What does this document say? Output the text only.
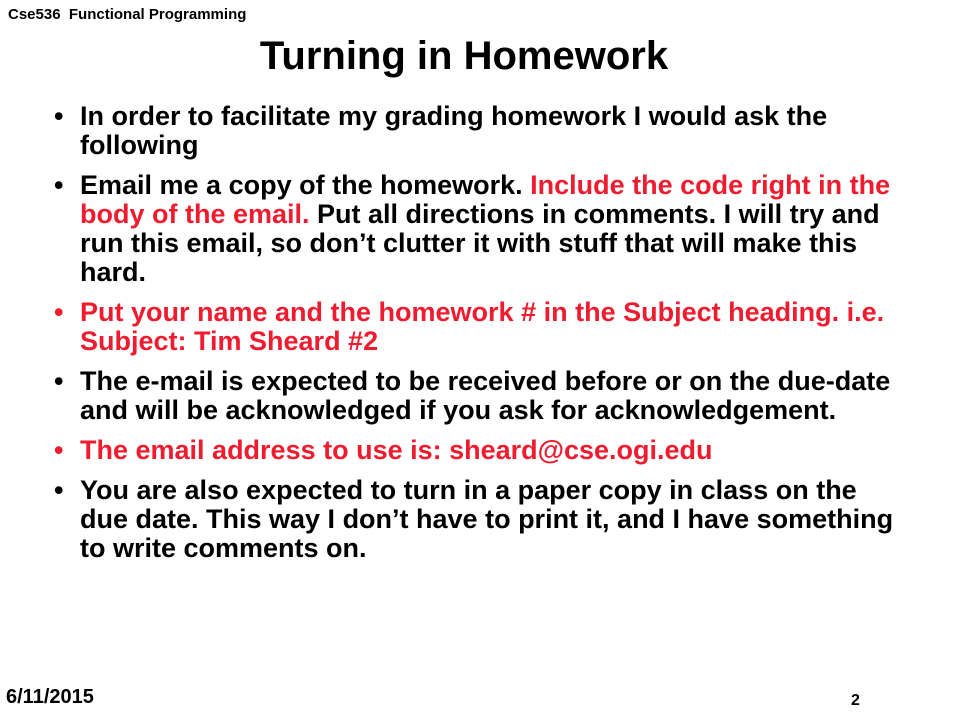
Cse536  Functional Programming
Turning in Homework
• In order to facilitate my grading homework I would ask the following
• Email me a copy of the homework. Include the code right in the body of the email. Put all directions in comments. I will try and run this email, so don’t clutter it with stuff that will make this hard.
• Put your name and the homework # in the Subject heading. i.e. Subject: Tim Sheard #2
• The e-mail is expected to be received before or on the due-date and will be acknowledged if you ask for acknowledgement.
• The email address to use is: sheard@cse.ogi.edu
• You are also expected to turn in a paper copy in class on the due date. This way I don’t have to print it, and I have something to write comments on.
6/11/2015	2
